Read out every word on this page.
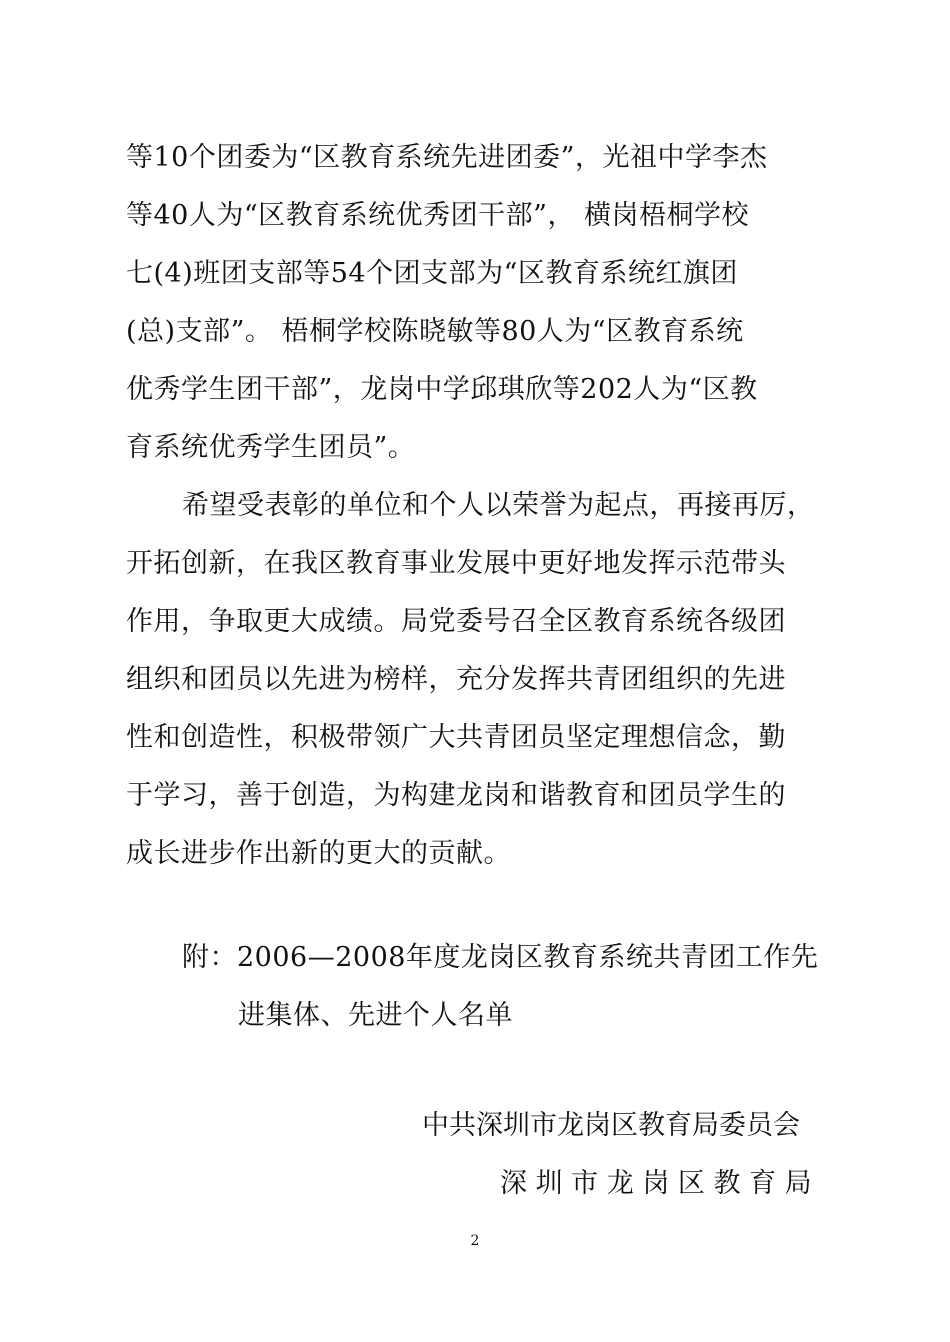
等10个团委为“区教育系统先进团委”，光祖中学李杰
等40人为“区教育系统优秀团干部”， 横岗梧桐学校
七(4)班团支部等54个团支部为“区教育系统红旗团
(总)支部”。 梧桐学校陈晓敏等80人为“区教育系统
优秀学生团干部”，龙岗中学邱琪欣等202人为“区教
育系统优秀学生团员”。
希望受表彰的单位和个人以荣誉为起点，再接再厉，
开拓创新，在我区教育事业发展中更好地发挥示范带头
作用，争取更大成绩。局党委号召全区教育系统各级团
组织和团员以先进为榜样，充分发挥共青团组织的先进
性和创造性，积极带领广大共青团员坚定理想信念，勤
于学习，善于创造，为构建龙岗和谐教育和团员学生的
成长进步作出新的更大的贡献。
附：2006—2008年度龙岗区教育系统共青团工作先
进集体、先进个人名单
中共深圳市龙岗区教育局委员会
深 圳 市 龙 岗 区 教 育 局
2
